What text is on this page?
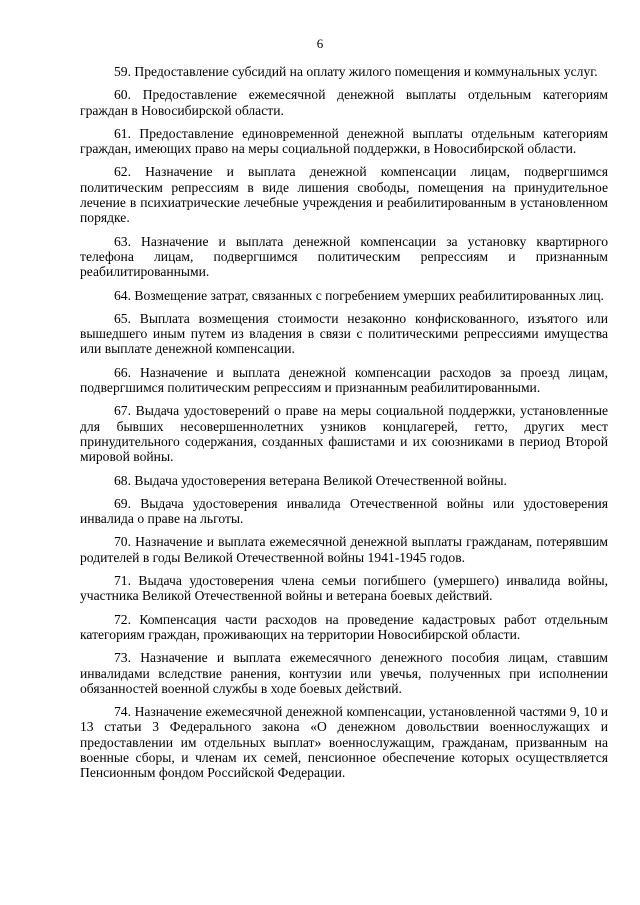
6

59. Предоставление субсидий на оплату жилого помещения и коммунальных услуг.

60. Предоставление ежемесячной денежной выплаты отдельным категориям граждан в Новосибирской области.

61. Предоставление единовременной денежной выплаты отдельным категориям граждан, имеющих право на меры социальной поддержки, в Новосибирской области.

62. Назначение и выплата денежной компенсации лицам, подвергшимся политическим репрессиям в виде лишения свободы, помещения на принудительное лечение в психиатрические лечебные учреждения и реабилитированным в установленном порядке.

63. Назначение и выплата денежной компенсации за установку квартирного телефона лицам, подвергшимся политическим репрессиям и признанным реабилитированными.

64. Возмещение затрат, связанных с погребением умерших реабилитированных лиц.

65. Выплата возмещения стоимости незаконно конфискованного, изъятого или вышедшего иным путем из владения в связи с политическими репрессиями имущества или выплате денежной компенсации.

66. Назначение и выплата денежной компенсации расходов за проезд лицам, подвергшимся политическим репрессиям и признанным реабилитированными.

67. Выдача удостоверений о праве на меры социальной поддержки, установленные для бывших несовершеннолетних узников концлагерей, гетто, других мест принудительного содержания, созданных фашистами и их союзниками в период Второй мировой войны.

68. Выдача удостоверения ветерана Великой Отечественной войны.

69. Выдача удостоверения инвалида Отечественной войны или удостоверения инвалида о праве на льготы.

70. Назначение и выплата ежемесячной денежной выплаты гражданам, потерявшим родителей в годы Великой Отечественной войны 1941-1945 годов.

71. Выдача удостоверения члена семьи погибшего (умершего) инвалида войны, участника Великой Отечественной войны и ветерана боевых действий.

72. Компенсация части расходов на проведение кадастровых работ отдельным категориям граждан, проживающих на территории Новосибирской области.

73. Назначение и выплата ежемесячного денежного пособия лицам, ставшим инвалидами вследствие ранения, контузии или увечья, полученных при исполнении обязанностей военной службы в ходе боевых действий.

74. Назначение ежемесячной денежной компенсации, установленной частями 9, 10 и 13 статьи 3 Федерального закона «О денежном довольствии военнослужащих и предоставлении им отдельных выплат» военнослужащим, гражданам, призванным на военные сборы, и членам их семей, пенсионное обеспечение которых осуществляется Пенсионным фондом Российской Федерации.
